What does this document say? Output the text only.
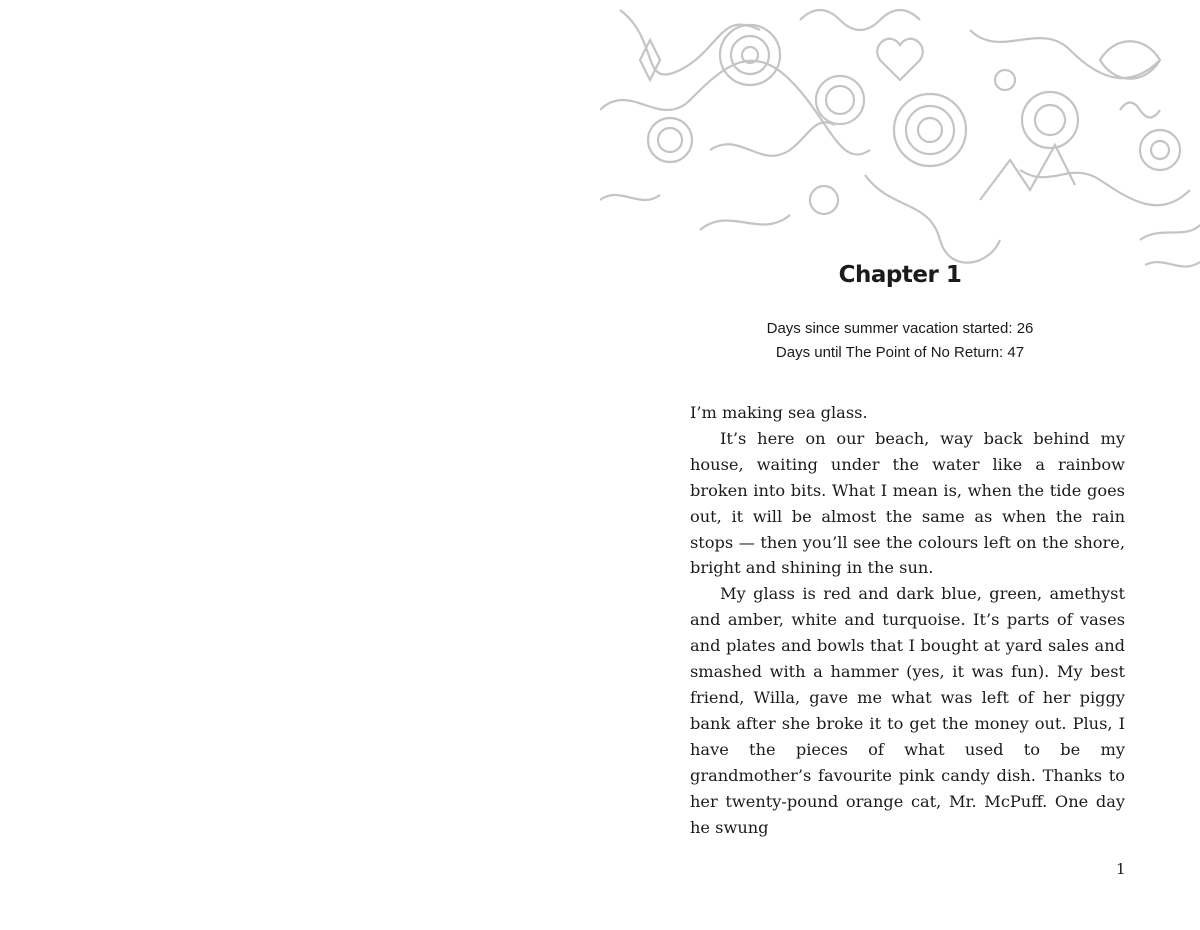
Chapter 1
Days since summer vacation started: 26
Days until The Point of No Return: 47

I’m making sea glass.

It’s here on our beach, way back behind my house, waiting under the water like a rainbow broken into bits. What I mean is, when the tide goes out, it will be almost the same as when the rain stops — then you’ll see the colours left on the shore, bright and shining in the sun.

My glass is red and dark blue, green, amethyst and amber, white and turquoise. It’s parts of vases and plates and bowls that I bought at yard sales and smashed with a hammer (yes, it was fun). My best friend, Willa, gave me what was left of her piggy bank after she broke it to get the money out. Plus, I have the pieces of what used to be my grandmother’s favourite pink candy dish. Thanks to her twenty-pound orange cat, Mr. McPuff. One day he swung

1
